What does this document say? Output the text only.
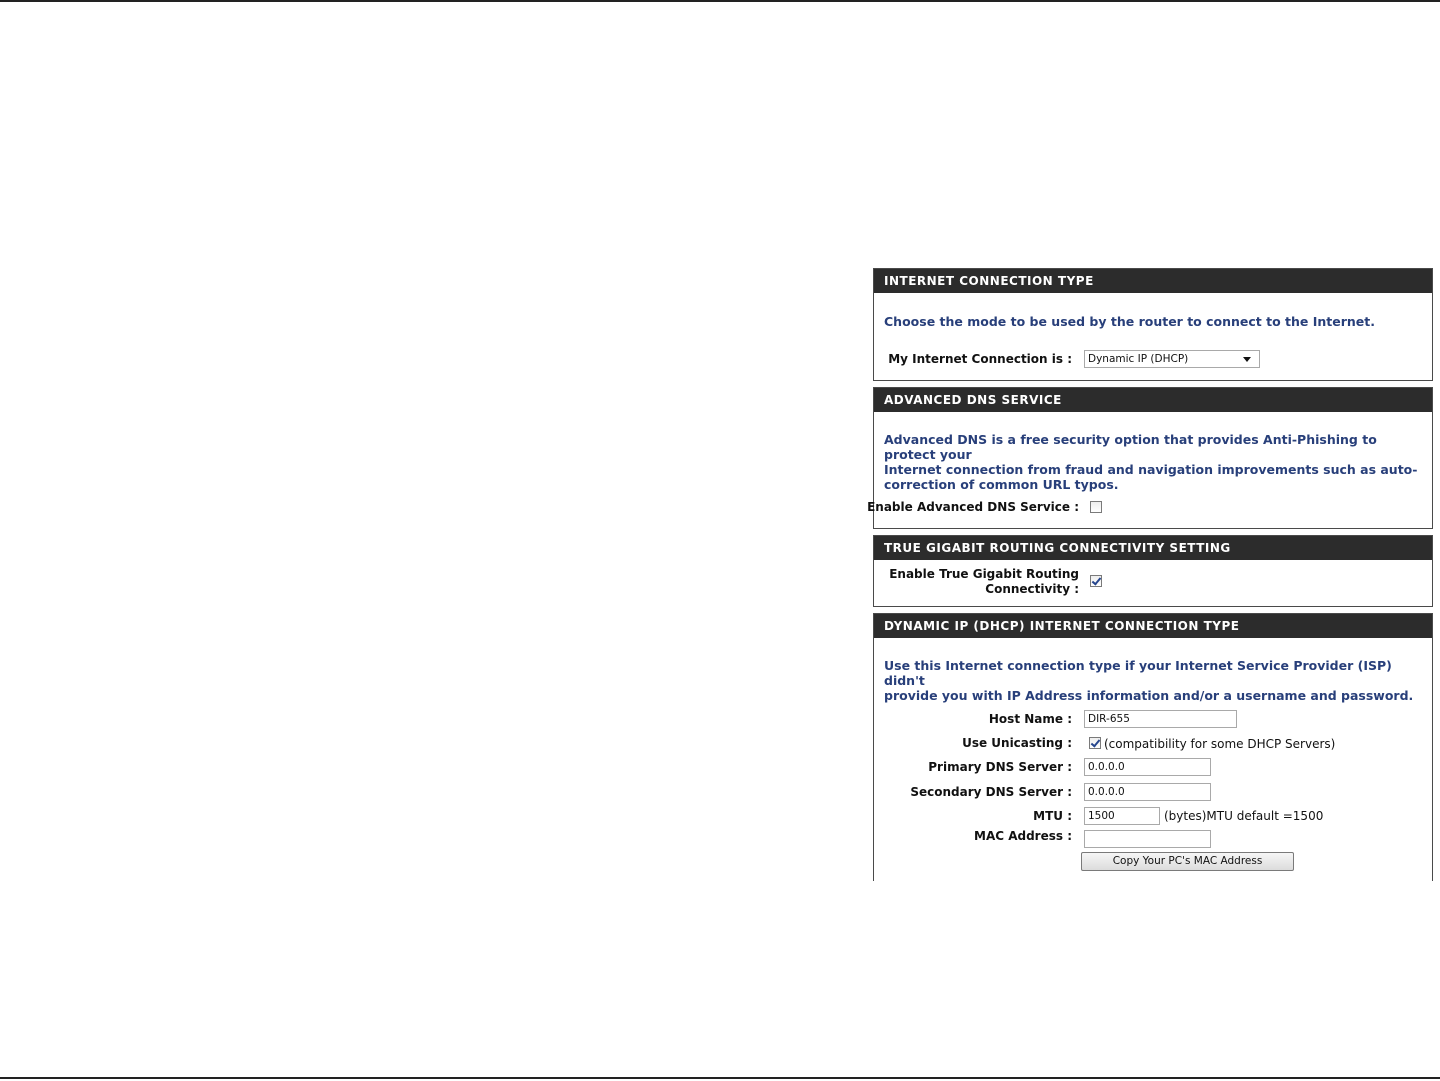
INTERNET CONNECTION TYPE
Choose the mode to be used by the router to connect to the Internet.
My Internet Connection is :	Dynamic IP (DHCP)
ADVANCED DNS SERVICE
Advanced DNS is a free security option that provides Anti-Phishing to protect your
Internet connection from fraud and navigation improvements such as auto-
correction of common URL typos.
Enable Advanced DNS Service :
TRUE GIGABIT ROUTING CONNECTIVITY SETTING
Enable True Gigabit Routing
Connectivity :
DYNAMIC IP (DHCP) INTERNET CONNECTION TYPE
Use this Internet connection type if your Internet Service Provider (ISP) didn't
provide you with IP Address information and/or a username and password.
Host Name :	DIR-655
Use Unicasting :	(compatibility for some DHCP Servers)
Primary DNS Server :	0.0.0.0
Secondary DNS Server :	0.0.0.0
MTU :	1500	(bytes)MTU default =1500
MAC Address :
Copy Your PC's MAC Address
